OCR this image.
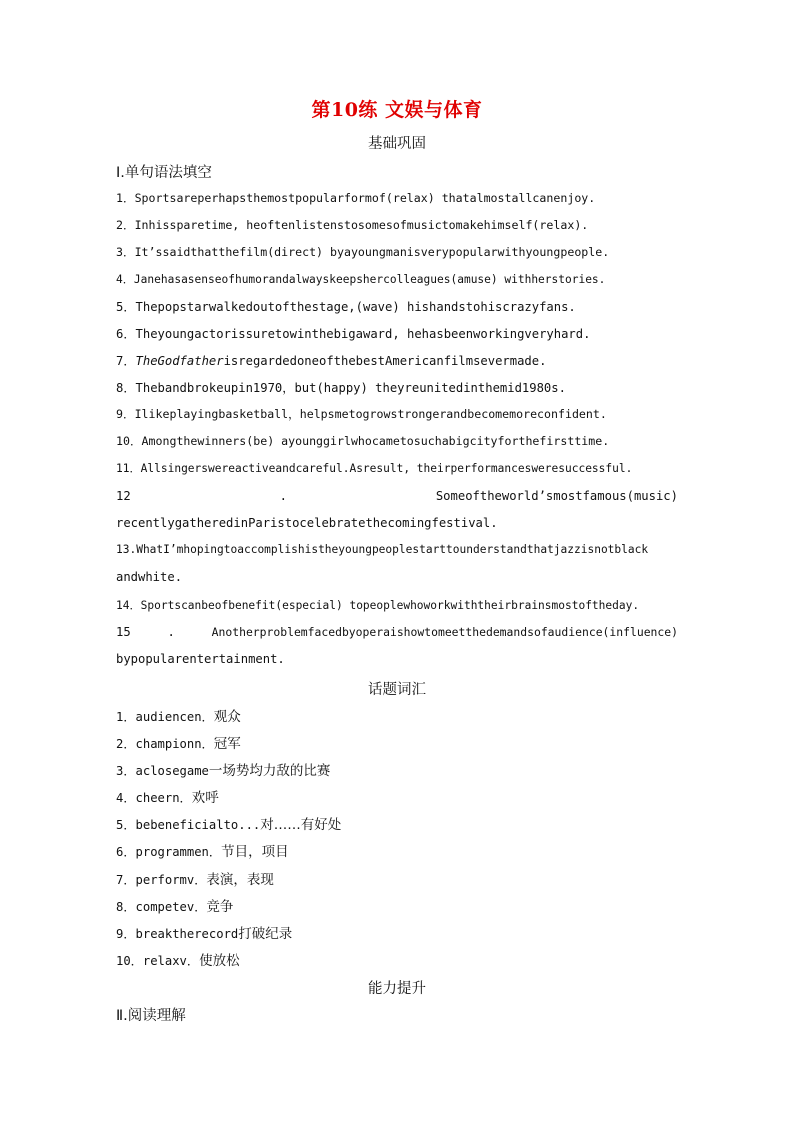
第10练 文娱与体育
基础巩固
Ⅰ.单句语法填空
1．Sportsareperhapsthemostpopularformof(relax) thatalmostallcanenjoy.
2．Inhissparetime, heoftenlistenstosomesofmusictomakehimself(relax).
3．It’ssaidthatthefilm(direct) byayoungmanisverypopularwithyoungpeople.
4．Janehasasenseofhumorandalwayskeepshercolleagues(amuse) withherstories.
5．Thepopstarwalkedoutofthestage,(wave) hishandstohiscrazyfans.
6．Theyoungactorissuretowinthebigaward, hehasbeenworkingveryhard.
7．TheGodfatherisregardedoneofthebestAmericanfilmsevermade.
8．Thebandbrokeupin1970，but(happy) theyreunitedinthemid1980s.
9．Ilikeplayingbasketball，helpsmetogrowstrongerandbecomemoreconfident.
10．Amongthewinners(be) ayounggirlwhocametosuchabigcityforthefirsttime.
11．Allsingerswereactiveandcareful.Asresult, theirperformancesweresuccessful.
12	.	Someoftheworld’smostfamous(music)
recentlygatheredinParistocelebratethecomingfestival.
13.WhatI’mhopingtoaccomplishistheyoungpeoplestarttounderstandthatjazzisnotblack
andwhite.
14．Sportscanbeofbenefit(especial) topeoplewhoworkwiththeirbrainsmostoftheday.
15	.	Anotherproblemfacedbyoperaishowtomeetthedemandsofaudience(influence)
bypopularentertainment.
话题词汇
1．audiencen．观众
2．championn．冠军
3．aclosegame一场势均力敌的比赛
4．cheern．欢呼
5．bebeneficialto...对……有好处
6．programmen．节目，项目
7．performv．表演，表现
8．competev．竞争
9．breaktherecord打破纪录
10．relaxv．使放松
能力提升
Ⅱ.阅读理解
